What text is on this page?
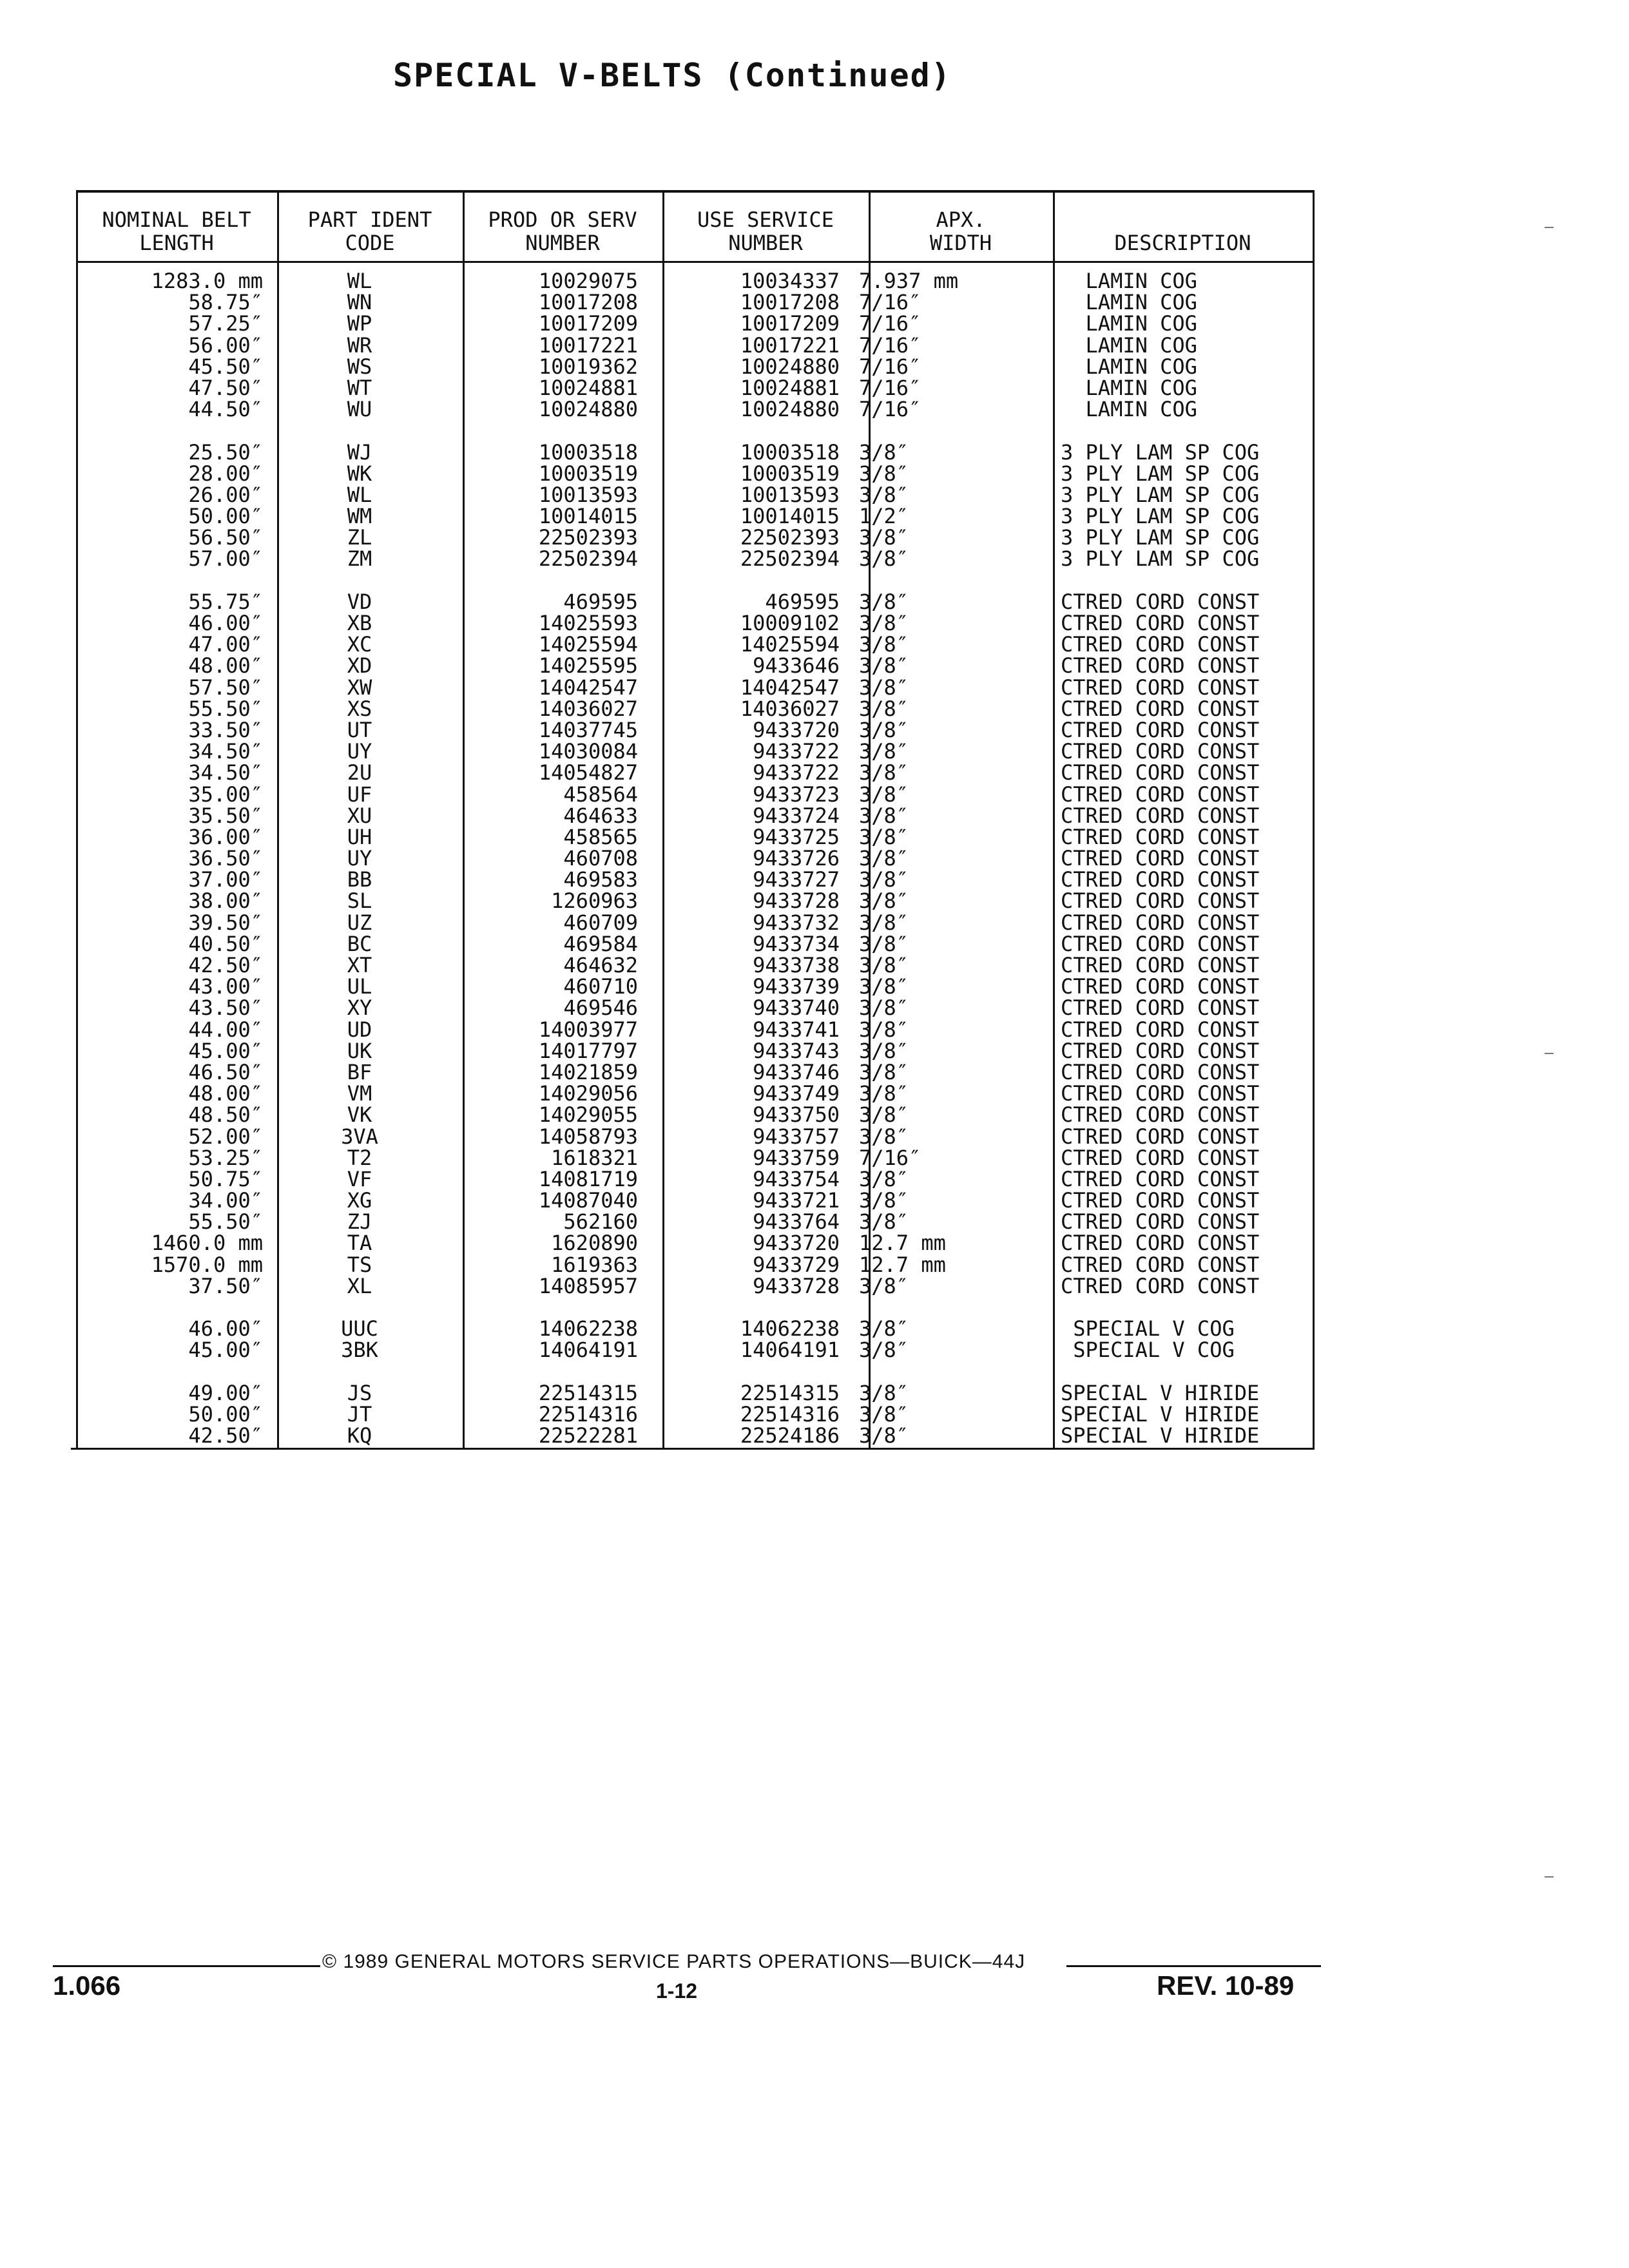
SPECIAL V-BELTS (Continued)
NOMINAL BELT
LENGTH
PART IDENT
CODE
PROD OR SERV
NUMBER
USE SERVICE
NUMBER
APX.
WIDTH
	DESCRIPTION
1283.0 mm
58.75″
57.25″
56.00″
45.50″
47.50″
44.50″
25.50″
28.00″
26.00″
50.00″
56.50″
57.00″
55.75″
46.00″
47.00″
48.00″
57.50″
55.50″
33.50″
34.50″
34.50″
35.00″
35.50″
36.00″
36.50″
37.00″
38.00″
39.50″
40.50″
42.50″
43.00″
43.50″
44.00″
45.00″
46.50″
48.00″
48.50″
52.00″
53.25″
50.75″
34.00″
55.50″
1460.0 mm
1570.0 mm
37.50″
46.00″
45.00″
49.00″
50.00″
42.50″
WL
WN
WP
WR
WS
WT
WU
WJ
WK
WL
WM
ZL
ZM
VD
XB
XC
XD
XW
XS
UT
UY
2U
UF
XU
UH
UY
BB
SL
UZ
BC
XT
UL
XY
UD
UK
BF
VM
VK
3VA
T2
VF
XG
ZJ
TA
TS
XL
UUC
3BK
JS
JT
KQ
10029075
10017208
10017209
10017221
10019362
10024881
10024880
10003518
10003519
10013593
10014015
22502393
22502394
469595
14025593
14025594
14025595
14042547
14036027
14037745
14030084
14054827
458564
464633
458565
460708
469583
1260963
460709
469584
464632
460710
469546
14003977
14017797
14021859
14029056
14029055
14058793
1618321
14081719
14087040
562160
1620890
1619363
14085957
14062238
14064191
22514315
22514316
22522281
10034337
10017208
10017209
10017221
10024880
10024881
10024880
10003518
10003519
10013593
10014015
22502393
22502394
469595
10009102
14025594
9433646
14042547
14036027
9433720
9433722
9433722
9433723
9433724
9433725
9433726
9433727
9433728
9433732
9433734
9433738
9433739
9433740
9433741
9433743
9433746
9433749
9433750
9433757
9433759
9433754
9433721
9433764
9433720
9433729
9433728
14062238
14064191
22514315
22514316
22524186
7.937 mm
7/16″
7/16″
7/16″
7/16″
7/16″
7/16″
3/8″
3/8″
3/8″
1/2″
3/8″
3/8″
3/8″
3/8″
3/8″
3/8″
3/8″
3/8″
3/8″
3/8″
3/8″
3/8″
3/8″
3/8″
3/8″
3/8″
3/8″
3/8″
3/8″
3/8″
3/8″
3/8″
3/8″
3/8″
3/8″
3/8″
3/8″
3/8″
7/16″
3/8″
3/8″
3/8″
12.7 mm
12.7 mm
3/8″
3/8″
3/8″
3/8″
3/8″
3/8″
LAMIN COG
LAMIN COG
LAMIN COG
LAMIN COG
LAMIN COG
LAMIN COG
LAMIN COG
3 PLY LAM SP COG
3 PLY LAM SP COG
3 PLY LAM SP COG
3 PLY LAM SP COG
3 PLY LAM SP COG
3 PLY LAM SP COG
CTRED CORD CONST
CTRED CORD CONST
CTRED CORD CONST
CTRED CORD CONST
CTRED CORD CONST
CTRED CORD CONST
CTRED CORD CONST
CTRED CORD CONST
CTRED CORD CONST
CTRED CORD CONST
CTRED CORD CONST
CTRED CORD CONST
CTRED CORD CONST
CTRED CORD CONST
CTRED CORD CONST
CTRED CORD CONST
CTRED CORD CONST
CTRED CORD CONST
CTRED CORD CONST
CTRED CORD CONST
CTRED CORD CONST
CTRED CORD CONST
CTRED CORD CONST
CTRED CORD CONST
CTRED CORD CONST
CTRED CORD CONST
CTRED CORD CONST
CTRED CORD CONST
CTRED CORD CONST
CTRED CORD CONST
CTRED CORD CONST
CTRED CORD CONST
CTRED CORD CONST
SPECIAL V COG
SPECIAL V COG
SPECIAL V HIRIDE
SPECIAL V HIRIDE
SPECIAL V HIRIDE
© 1989 GENERAL MOTORS SERVICE PARTS OPERATIONS—BUICK—44J
1-12
1.066	REV. 10-89
